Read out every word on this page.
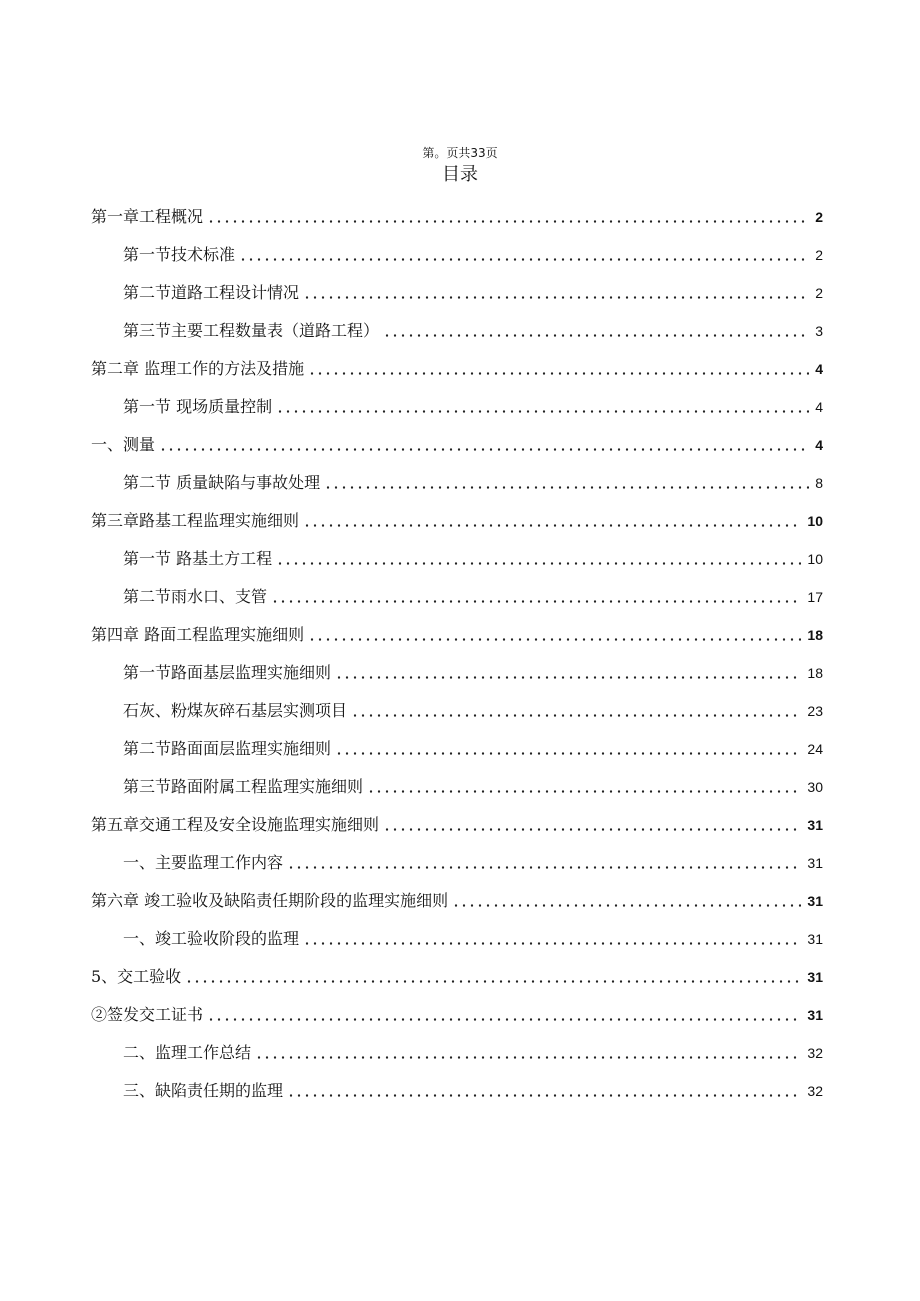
第。页共33页
目录
第一章工程概况	2
第一节技术标准	2
第二节道路工程设计情况	2
第三节主要工程数量表（道路工程）	3
第二章 监理工作的方法及措施	4
第一节 现场质量控制	4
一、测量	4
第二节 质量缺陷与事故处理	8
第三章路基工程监理实施细则	10
第一节 路基土方工程	10
第二节雨水口、支管	17
第四章 路面工程监理实施细则	18
第一节路面基层监理实施细则	18
石灰、粉煤灰碎石基层实测项目	23
第二节路面面层监理实施细则	24
第三节路面附属工程监理实施细则	30
第五章交通工程及安全设施监理实施细则	31
一、主要监理工作内容	31
第六章 竣工验收及缺陷责任期阶段的监理实施细则	31
一、竣工验收阶段的监理	31
5、交工验收	31
②签发交工证书	31
二、监理工作总结	32
三、缺陷责任期的监理	32
